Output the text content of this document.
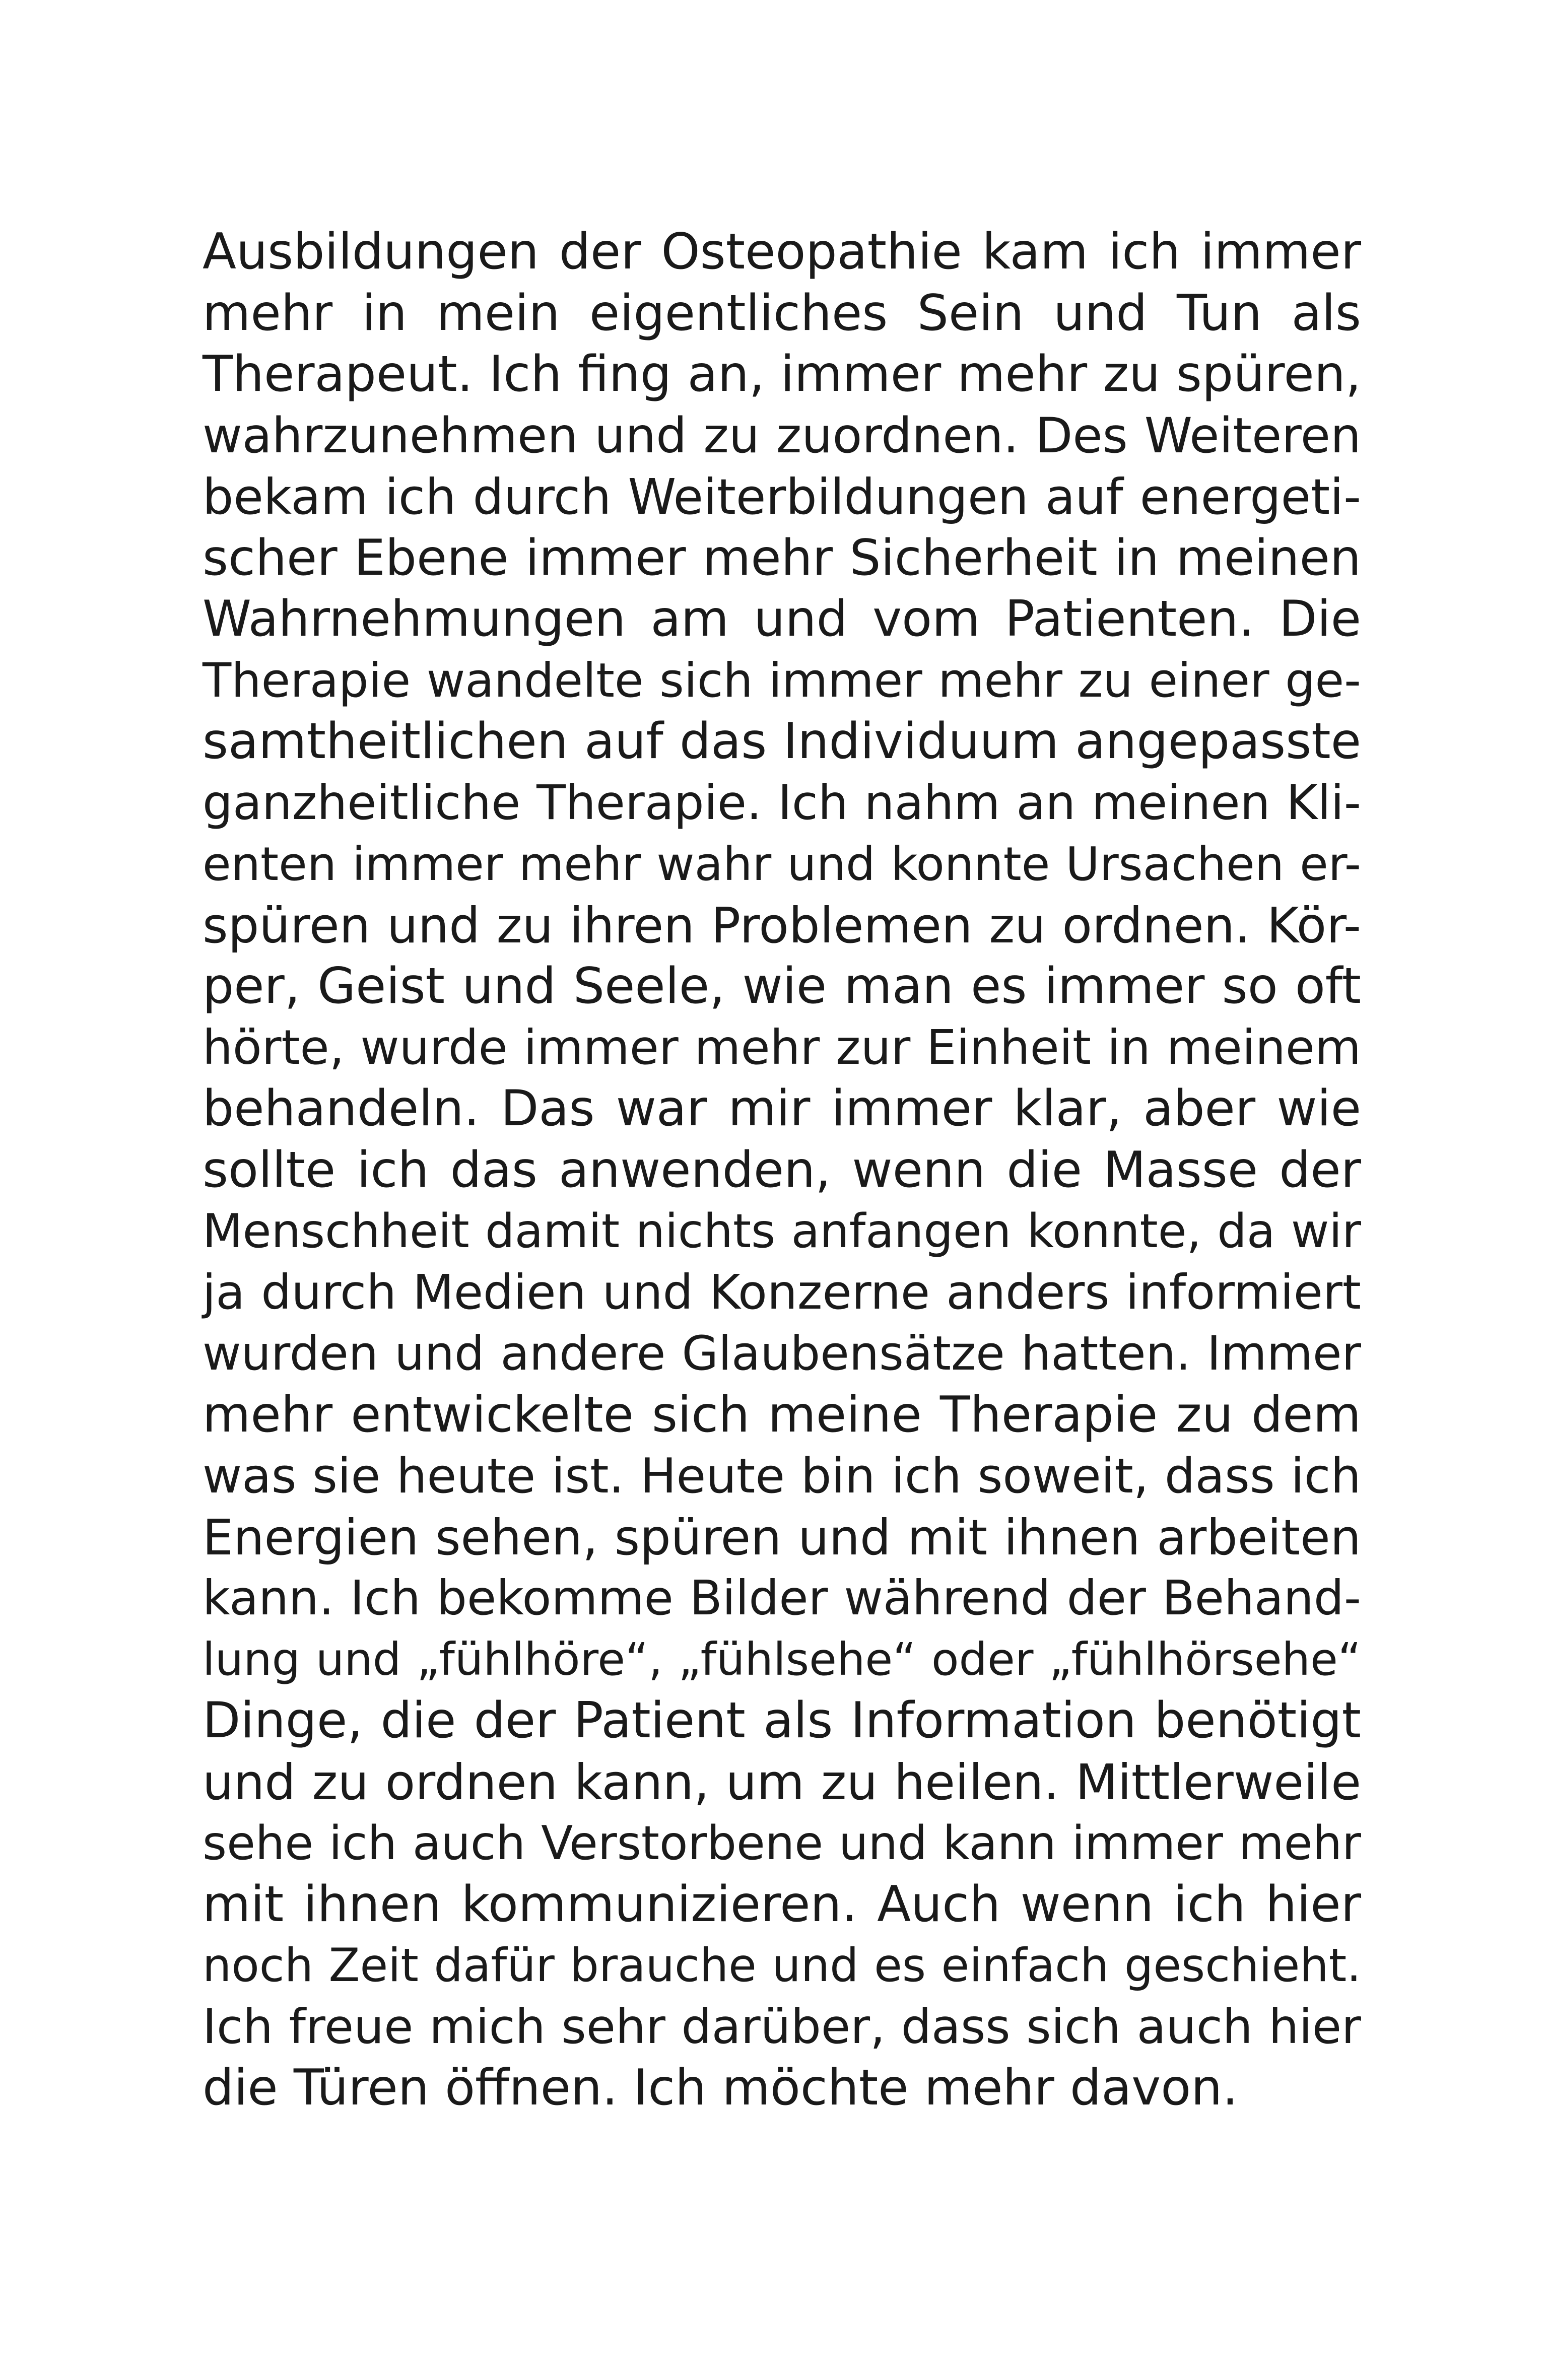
Ausbildungen der Osteopathie kam ich immer
mehr in mein eigentliches Sein und Tun als
Therapeut. Ich fing an, immer mehr zu spüren,
wahrzunehmen und zu zuordnen. Des Weiteren
bekam ich durch Weiterbildungen auf energeti-
scher Ebene immer mehr Sicherheit in meinen
Wahrnehmungen am und vom Patienten. Die
Therapie wandelte sich immer mehr zu einer ge-
samtheitlichen auf das Individuum angepasste
ganzheitliche Therapie. Ich nahm an meinen Kli-
enten immer mehr wahr und konnte Ursachen er-
spüren und zu ihren Problemen zu ordnen. Kör-
per, Geist und Seele, wie man es immer so oft
hörte, wurde immer mehr zur Einheit in meinem
behandeln. Das war mir immer klar, aber wie
sollte ich das anwenden, wenn die Masse der
Menschheit damit nichts anfangen konnte, da wir
ja durch Medien und Konzerne anders informiert
wurden und andere Glaubensätze hatten. Immer
mehr entwickelte sich meine Therapie zu dem
was sie heute ist. Heute bin ich soweit, dass ich
Energien sehen, spüren und mit ihnen arbeiten
kann. Ich bekomme Bilder während der Behand-
lung und „fühlhöre“, „fühlsehe“ oder „fühlhörsehe“
Dinge, die der Patient als Information benötigt
und zu ordnen kann, um zu heilen. Mittlerweile
sehe ich auch Verstorbene und kann immer mehr
mit ihnen kommunizieren. Auch wenn ich hier
noch Zeit dafür brauche und es einfach geschieht.
Ich freue mich sehr darüber, dass sich auch hier
die Türen öffnen. Ich möchte mehr davon.
